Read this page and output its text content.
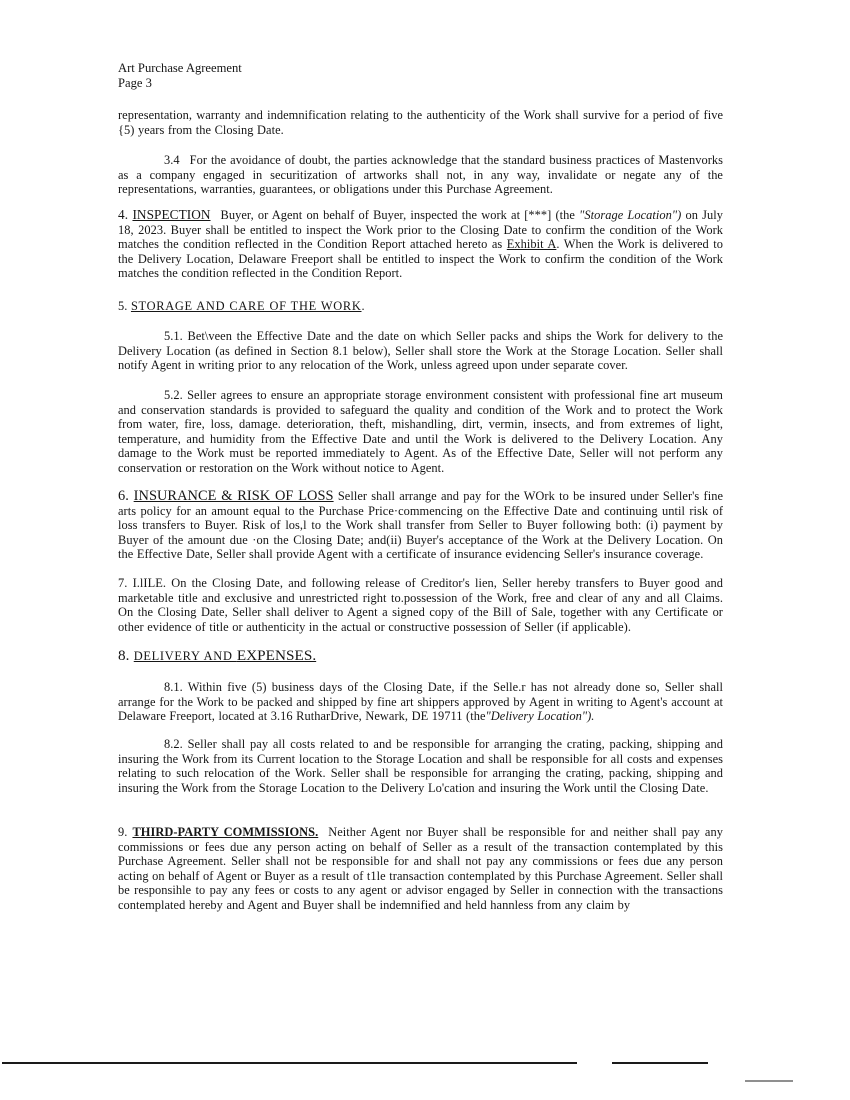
Art Purchase Agreement
Page 3

representation, warranty and indemnification relating to the authenticity of the Work shall survive for a period of five {5) years from the Closing Date.

3.4 For the avoidance of doubt, the parties acknowledge that the standard business practices of Mastenvorks as a company engaged in securitization of artworks shall not, in any way, invalidate or negate any of the representations, warranties, guarantees, or obligations under this Purchase Agreement.

4. INSPECTION Buyer, or Agent on behalf of Buyer, inspected the work at [***] (the "Storage Location") on July 18, 2023. Buyer shall be entitled to inspect the Work prior to the Closing Date to confirm the condition of the Work matches the condition reflected in the Condition Report attached hereto as Exhibit A. When the Work is delivered to the Delivery Location, Delaware Freeport shall be entitled to inspect the Work to confirm the condition of the Work matches the condition reflected in the Condition Report.

5. STORAGE AND CARE OF THE WORK.

5.1. Bet\veen the Effective Date and the date on which Seller packs and ships the Work for delivery to the Delivery Location (as defined in Section 8.1 below), Seller shall store the Work at the Storage Location. Seller shall notify Agent in writing prior to any relocation of the Work, unless agreed upon under separate cover.

5.2. Seller agrees to ensure an appropriate storage environment consistent with professional fine art museum and conservation standards is provided to safeguard the quality and condition of the Work and to protect the Work from water, fire, loss, damage. deterioration, theft, mishandling, dirt, vermin, insects, and from extremes of light, temperature, and humidity from the Effective Date and until the Work is delivered to the Delivery Location. Any damage to the Work must be reported immediately to Agent. As of the Effective Date, Seller will not perform any conservation or restoration on the Work without notice to Agent.

6. INSURANCE & RISK OF LOSS Seller shall arrange and pay for the WOrk to be insured under Seller's fine arts policy for an amount equal to the Purchase Price·commencing on the Effective Date and continuing until risk of loss transfers to Buyer. Risk of los,l to the Work shall transfer from Seller to Buyer following both: (i) payment by Buyer of the amount due ·on the Closing Date; and(ii) Buyer's acceptance of the Work at the Delivery Location. On the Effective Date, Seller shall provide Agent with a certificate of insurance evidencing Seller's insurance coverage.

7. I.lILE. On the Closing Date, and following release of Creditor's lien, Seller hereby transfers to Buyer good and marketable title and exclusive and unrestricted right to.possession of the Work, free and clear of any and all Claims. On the Closing Date, Seller shall deliver to Agent a signed copy of the Bill of Sale, together with any Certificate or other evidence of title or authenticity in the actual or constructive possession of Seller (if applicable).

8. DELIVERY AND EXPENSES.

8.1. Within five (5) business days of the Closing Date, if the Selle.r has not already done so, Seller shall arrange for the Work to be packed and shipped by fine art shippers approved by Agent in writing to Agent's account at Delaware Freeport, located at 3.16 RutharDrive, Newark, DE 19711 (the"Delivery Location").

8.2. Seller shall pay all costs related to and be responsible for arranging the crating, packing, shipping and insuring the Work from its Current location to the Storage Location and shall be responsible for all costs and expenses relating to such relocation of the Work. Seller shall be responsible for arranging the crating, packing, shipping and insuring the Work from the Storage Location to the Delivery Lo'cation and insuring the Work until the Closing Date.

9. THIRD-PARTY COMMISSIONS. Neither Agent nor Buyer shall be responsible for and neither shall pay any commissions or fees due any person acting on behalf of Seller as a result of the transaction contemplated by this Purchase Agreement. Seller shall not be responsible for and shall not pay any commissions or fees due any person acting on behalf of Agent or Buyer as a result of t1le transaction contemplated by this Purchase Agreement. Seller shall be responsihle to pay any fees or costs to any agent or advisor engaged by Seller in connection with the transactions contemplated hereby and Agent and Buyer shall be indemnified and held hannless from any claim by
